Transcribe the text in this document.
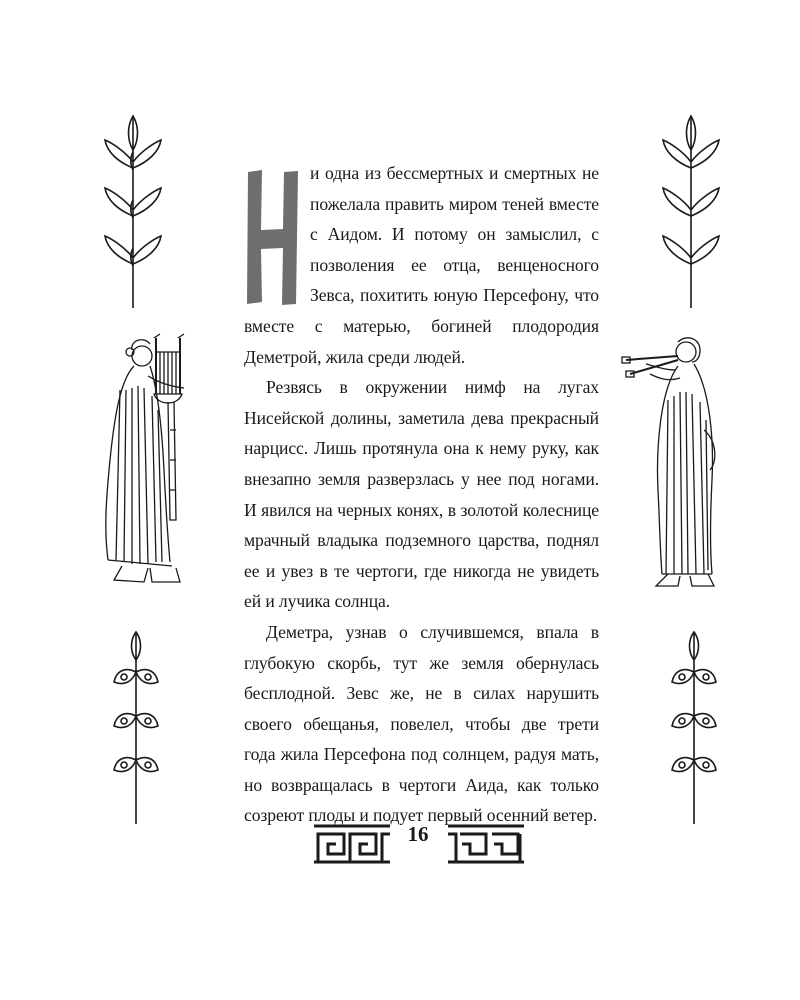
и одна из бессмертных и смертных не пожелала править миром теней вместе с Аидом. И потому он замыслил, с позволения ее отца, венценосного Зевса, похитить юную Персефону, что вместе с матерью, богиней плодородия Деметрой, жила среди людей.

Резвясь в окружении нимф на лугах Нисейской долины, заметила дева прекрасный нарцисс. Лишь протянула она к нему руку, как внезапно земля разверзлась у нее под ногами. И явился на черных конях, в золотой колеснице мрачный владыка подземного царства, поднял ее и увез в те чертоги, где никогда не увидеть ей и лучика солнца.

Деметра, узнав о случившемся, впала в глубокую скорбь, тут же земля обернулась бесплодной. Зевс же, не в силах нарушить своего обещанья, повелел, чтобы две трети года жила Персефона под солнцем, радуя мать, но возвращалась в чертоги Аида, как только созреют плоды и подует первый осенний ветер.

16
